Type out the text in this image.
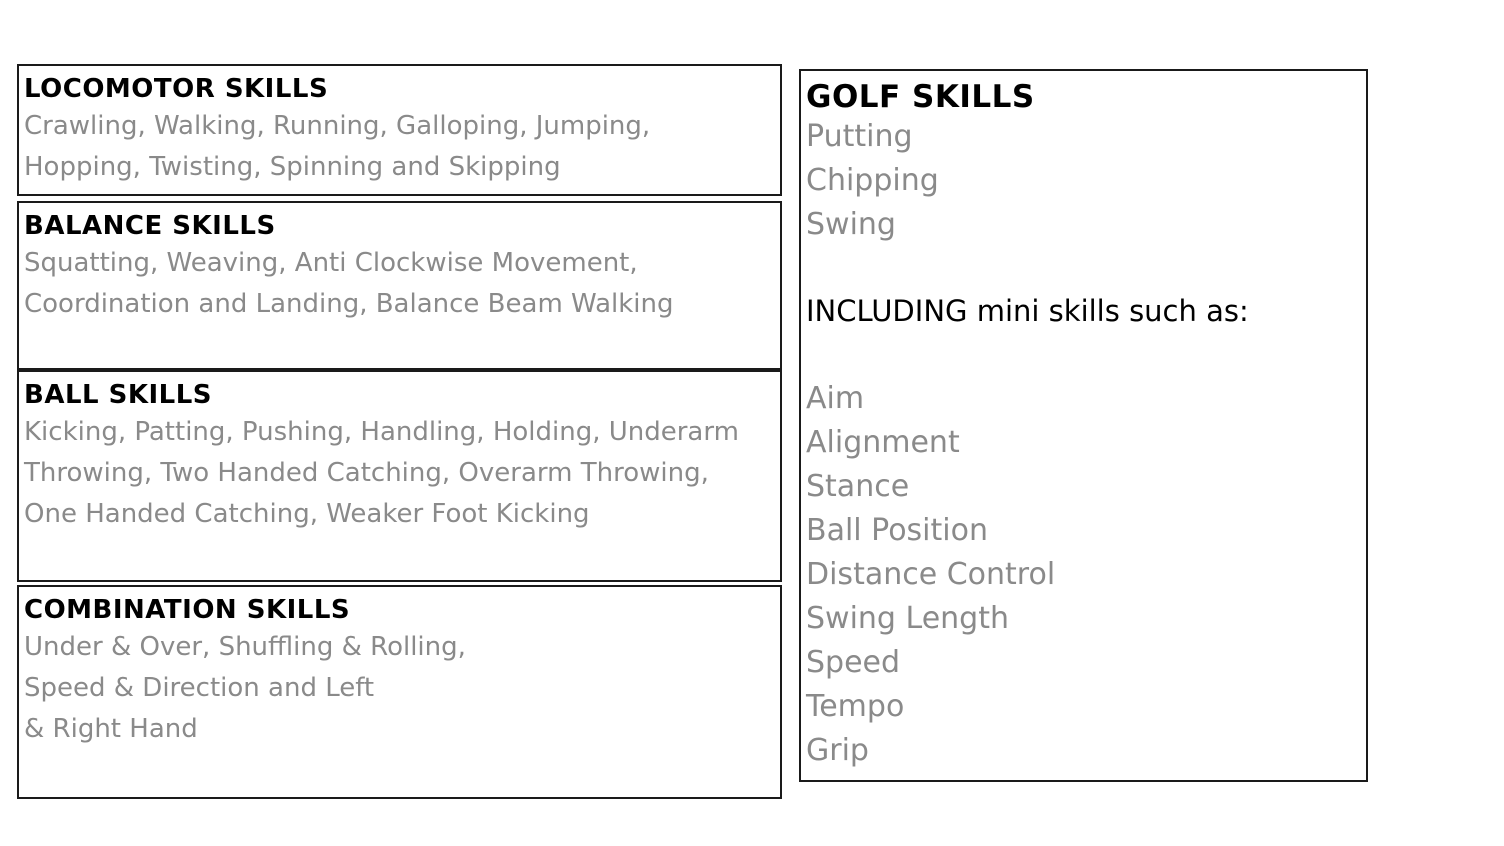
LOCOMOTOR SKILLS
Crawling, Walking, Running, Galloping, Jumping,
Hopping, Twisting, Spinning and Skipping
BALANCE SKILLS
Squatting, Weaving, Anti Clockwise Movement,
Coordination and Landing, Balance Beam Walking
BALL SKILLS
Kicking, Patting, Pushing, Handling, Holding, Underarm
Throwing, Two Handed Catching, Overarm Throwing,
One Handed Catching, Weaker Foot Kicking
COMBINATION SKILLS
Under & Over, Shuffling & Rolling,
Speed & Direction and Left
& Right Hand
GOLF SKILLS
Putting
Chipping
Swing
INCLUDING mini skills such as:
Aim
Alignment
Stance
Ball Position
Distance Control
Swing Length
Speed
Tempo
Grip
